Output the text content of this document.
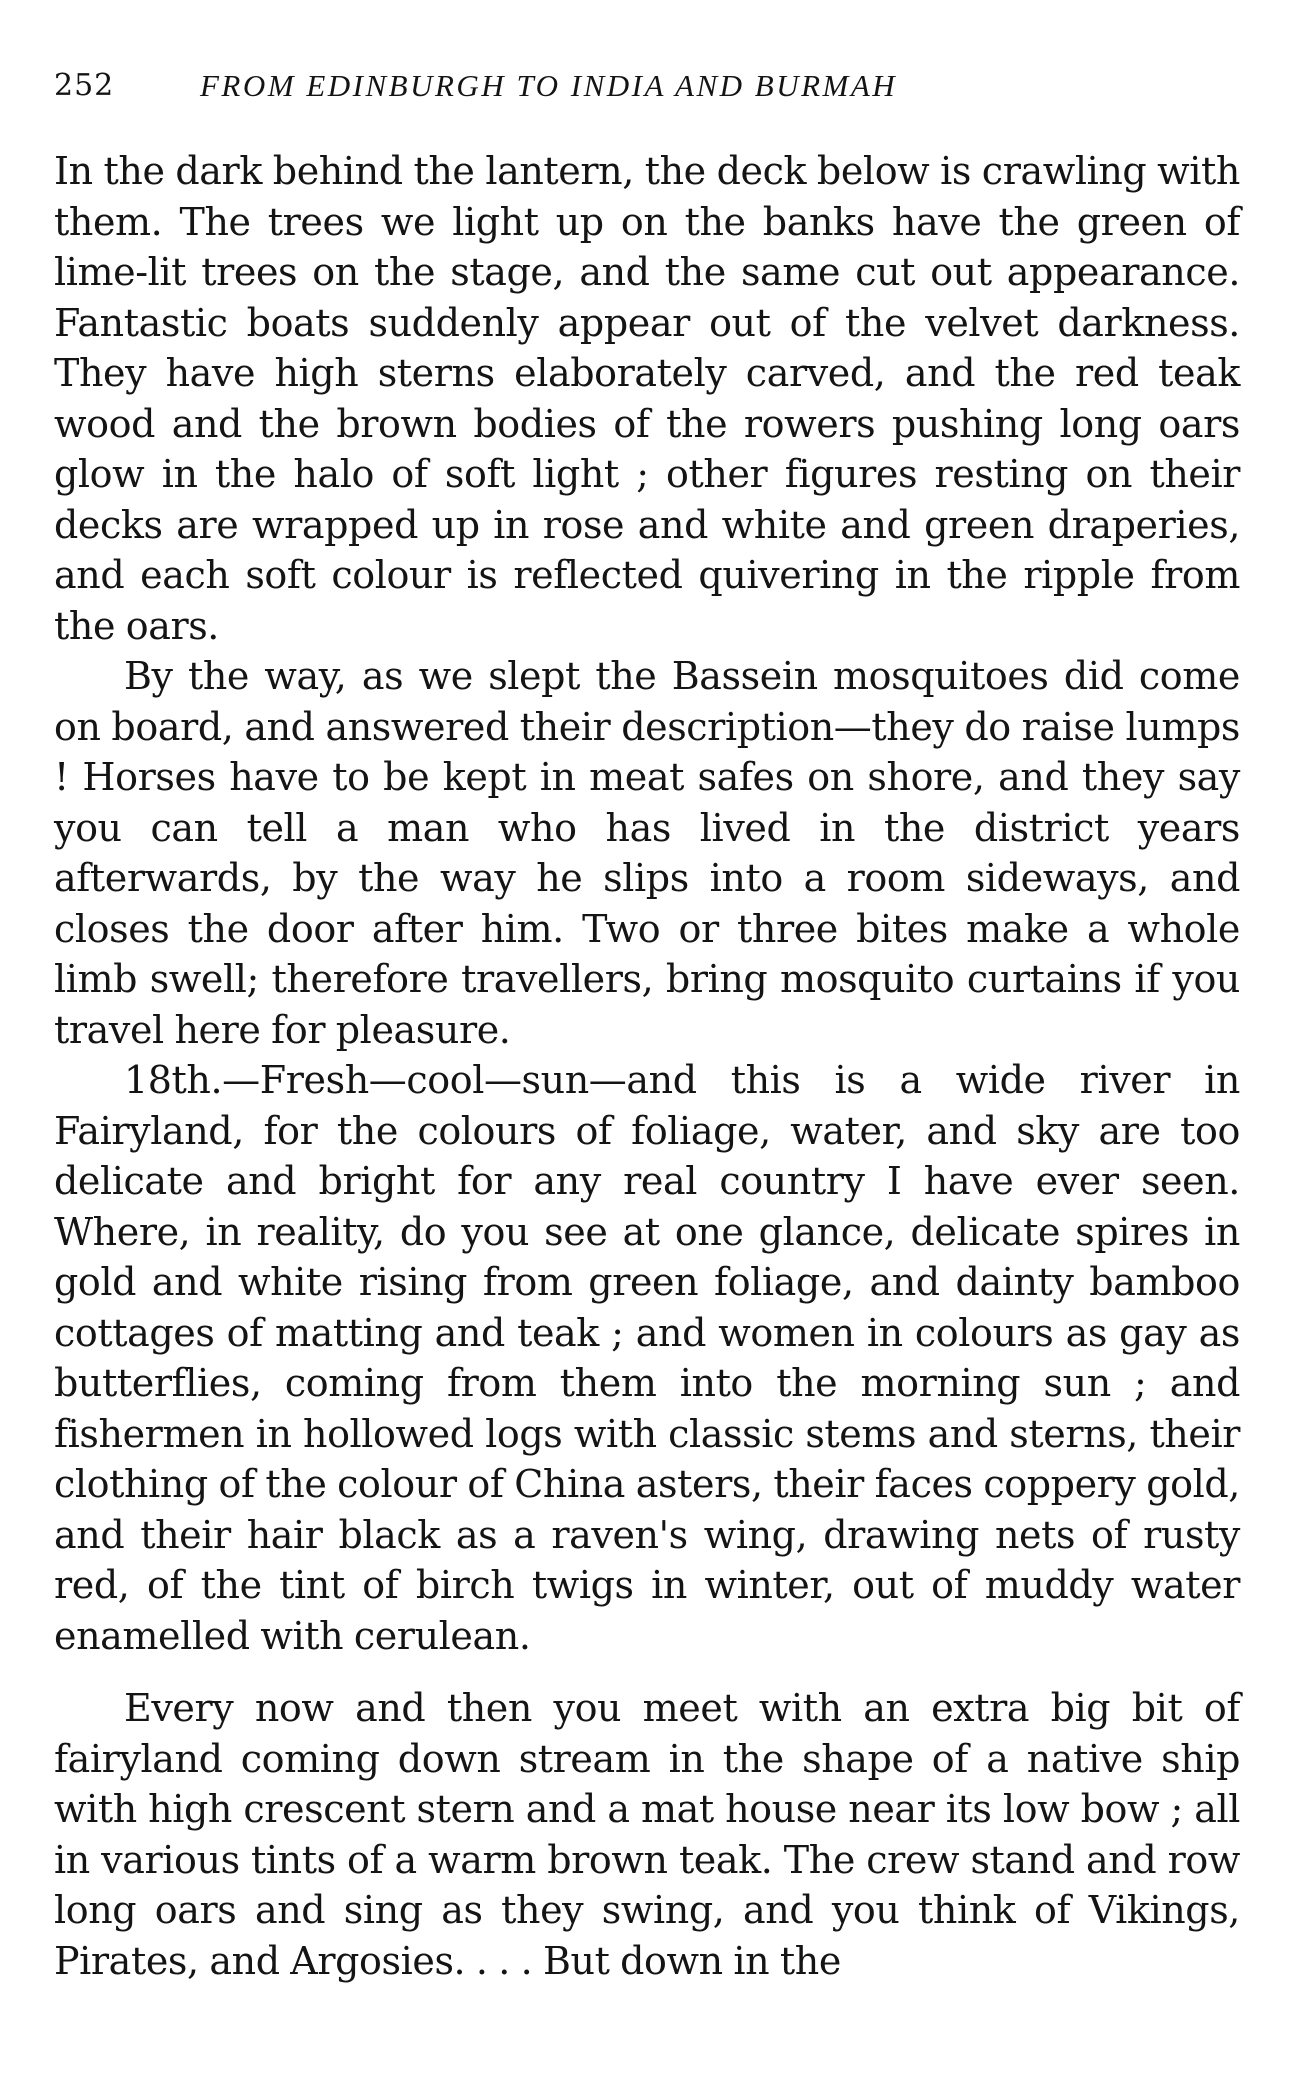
252	FROM EDINBURGH TO INDIA AND BURMAH

In the dark behind the lantern, the deck below is crawling with them. The trees we light up on the banks have the green of lime-lit trees on the stage, and the same cut out appearance. Fantastic boats suddenly appear out of the velvet darkness. They have high sterns elaborately carved, and the red teak wood and the brown bodies of the rowers pushing long oars glow in the halo of soft light ; other figures resting on their decks are wrapped up in rose and white and green draperies, and each soft colour is reflected quivering in the ripple from the oars.

By the way, as we slept the Bassein mosquitoes did come on board, and answered their description—they do raise lumps ! Horses have to be kept in meat safes on shore, and they say you can tell a man who has lived in the district years afterwards, by the way he slips into a room sideways, and closes the door after him. Two or three bites make a whole limb swell; therefore travellers, bring mosquito curtains if you travel here for pleasure.

18th.—Fresh—cool—sun—and this is a wide river in Fairyland, for the colours of foliage, water, and sky are too delicate and bright for any real country I have ever seen. Where, in reality, do you see at one glance, delicate spires in gold and white rising from green foliage, and dainty bamboo cottages of matting and teak ; and women in colours as gay as butterflies, coming from them into the morning sun ; and fishermen in hollowed logs with classic stems and sterns, their clothing of the colour of China asters, their faces coppery gold, and their hair black as a raven's wing, drawing nets of rusty red, of the tint of birch twigs in winter, out of muddy water enamelled with cerulean.

Every now and then you meet with an extra big bit of fairyland coming down stream in the shape of a native ship with high crescent stern and a mat house near its low bow ; all in various tints of a warm brown teak. The crew stand and row long oars and sing as they swing, and you think of Vikings, Pirates, and Argosies. . . . But down in the
